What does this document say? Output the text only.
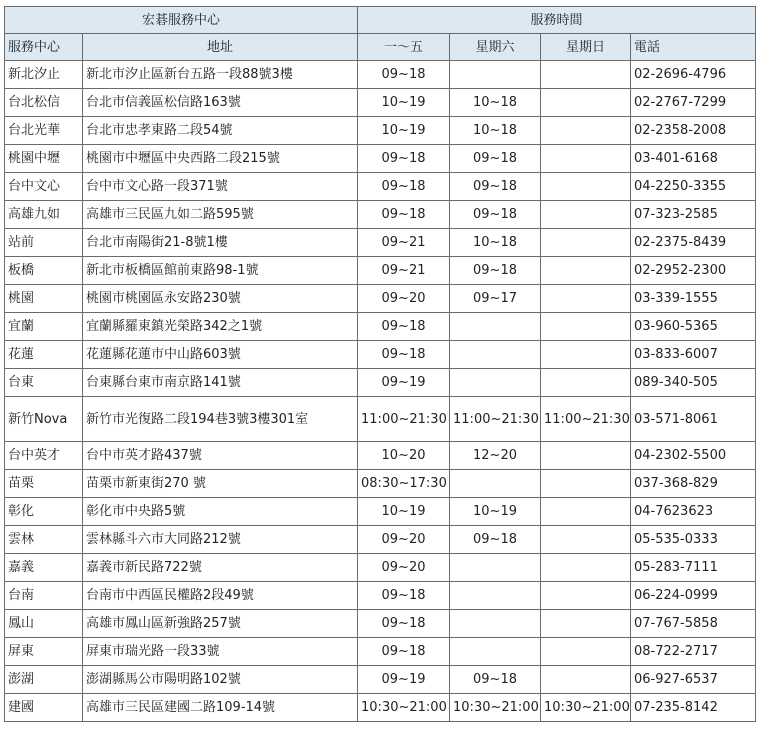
宏碁服務中心		服務時間			
服務中心	地址	一～五	星期六	星期日	電話
新北汐止	新北市汐止區新台五路一段88號3樓	09~18			02-2696-4796
台北松信	台北市信義區松信路163號	10~19	10~18		02-2767-7299
台北光華	台北市忠孝東路二段54號	10~19	10~18		02-2358-2008
桃園中壢	桃園市中壢區中央西路二段215號	09~18	09~18		03-401-6168
台中文心	台中市文心路一段371號	09~18	09~18		04-2250-3355
高雄九如	高雄市三民區九如二路595號	09~18	09~18		07-323-2585
站前	台北市南陽街21-8號1樓	09~21	10~18		02-2375-8439
板橋	新北市板橋區館前東路98-1號	09~21	09~18		02-2952-2300
桃園	桃園市桃園區永安路230號	09~20	09~17		03-339-1555
宜蘭	宜蘭縣羅東鎮光榮路342之1號	09~18			03-960-5365
花蓮	花蓮縣花蓮市中山路603號	09~18			03-833-6007
台東	台東縣台東市南京路141號	09~19			089-340-505
新竹Nova	新竹市光復路二段194巷3號3樓301室	11:00~21:30	11:00~21:30	11:00~21:30	03-571-8061
台中英才	台中市英才路437號	10~20	12~20		04-2302-5500
苗栗	苗栗市新東街270 號	08:30~17:30			037-368-829
彰化	彰化市中央路5號	10~19	10~19		04-7623623
雲林	雲林縣斗六市大同路212號	09~20	09~18		05-535-0333
嘉義	嘉義市新民路722號	09~20			05-283-7111
台南	台南市中西區民權路2段49號	09~18			06-224-0999
鳳山	高雄市鳳山區新強路257號	09~18			07-767-5858
屏東	屏東市瑞光路一段33號	09~18			08-722-2717
澎湖	澎湖縣馬公市陽明路102號	09~19	09~18		06-927-6537
建國	高雄市三民區建國二路109-14號	10:30~21:00	10:30~21:00	10:30~21:00	07-235-8142
